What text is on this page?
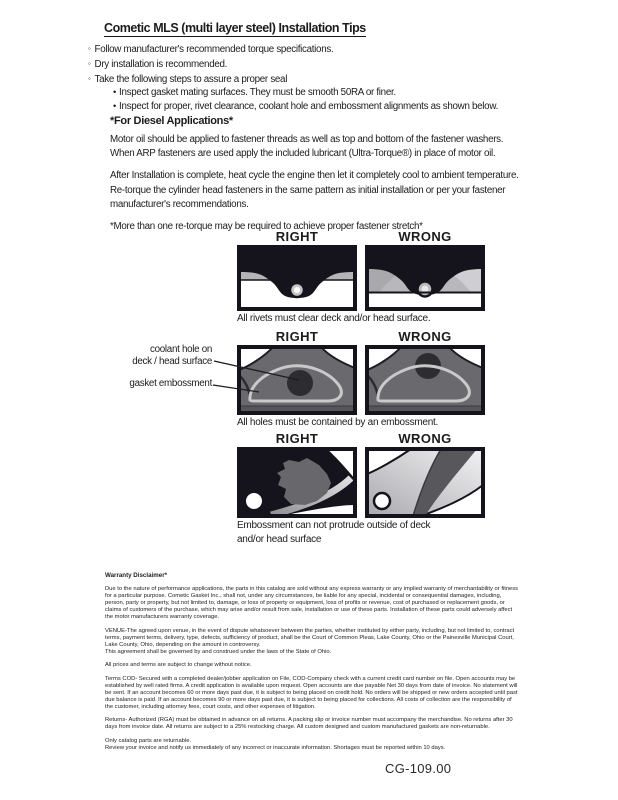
Cometic MLS (multi layer steel) Installation Tips
◦ Follow manufacturer's recommended torque specifications.
◦ Dry installation is recommended.
◦ Take the following steps to assure a proper seal
• Inspect gasket mating surfaces. They must be smooth 50RA or finer.
• Inspect for proper, rivet clearance, coolant hole and embossment alignments as shown below.
*For Diesel Applications*

Motor oil should be applied to fastener threads as well as top and bottom of the fastener washers. When ARP fasteners are used apply the included lubricant (Ultra-Torque®) in place of motor oil.

After Installation is complete, heat cycle the engine then let it completely cool to ambient temperature. Re-torque the cylinder head fasteners in the same pattern as initial installation or per your fastener manufacturer's recommendations.

*More than one re-torque may be required to achieve proper fastener stretch*

RIGHT	WRONG
All rivets must clear deck and/or head surface.
RIGHT	WRONG
All holes must be contained by an embossment.
coolant hole on
deck / head surface
gasket embossment
RIGHT	WRONG
Embossment can not protrude outside of deck
and/or head surface
Warranty Disclaimer*

Due to the nature of performance applications, the parts in this catalog are sold without any express warranty or any implied warranty of merchantability or fitness for a particular purpose. Cometic Gasket Inc., shall not, under any circumstances, be liable for any special, incidental or consequential damages, including, person, party or property, but not limited to, damage, or loss of property or equipment, loss of profits or revenue, cost of purchased or replacement goods, or claims of customers of the purchase, which may arise and/or result from sale, installation or use of these parts. Installation of these parts could adversely affect the motor manufacturers warranty coverage.

VENUE-The agreed upon venue, in the event of dispute whatsoever between the parties, whether instituted by either party, including, but not limited to, contract terms, payment terms, delivery, type, defects, sufficiency of product, shall be the Court of Common Pleas, Lake County, Ohio or the Painesville Municipal Court, Lake County, Ohio, depending on the amount in controversy.

This agreement shall be governed by and construed under the laws of the State of Ohio.

All prices and terms are subject to change without notice.

Terms COD- Secured with a completed dealer/jobber application on File, COD-Company check with a current credit card number on file. Open accounts may be established by well rated firms. A credit application is available upon request. Open accounts are due payable Net 30 days from date of invoice. No statement will be sent. If an account becomes 60 or more days past due, it is subject to being placed on credit hold. No orders will be shipped or new orders accepted until past due balance is paid. If an account becomes 90 or more days past due, it is subject to being placed for collections. All costs of collection are the responsibility of the customer, including attorney fees, court costs, and other expenses of litigation.

Returns- Authorized (RGA) must be obtained in advance on all returns. A packing slip or invoice number must accompany the merchandise. No returns after 30 days from invoice date. All returns are subject to a 25% restocking charge. All custom designed and custom manufactured gaskets are non-returnable.

Only catalog parts are returnable.

Review your invoice and notify us immediately of any incorrect or inaccurate information. Shortages must be reported within 10 days.

CG-109.00
